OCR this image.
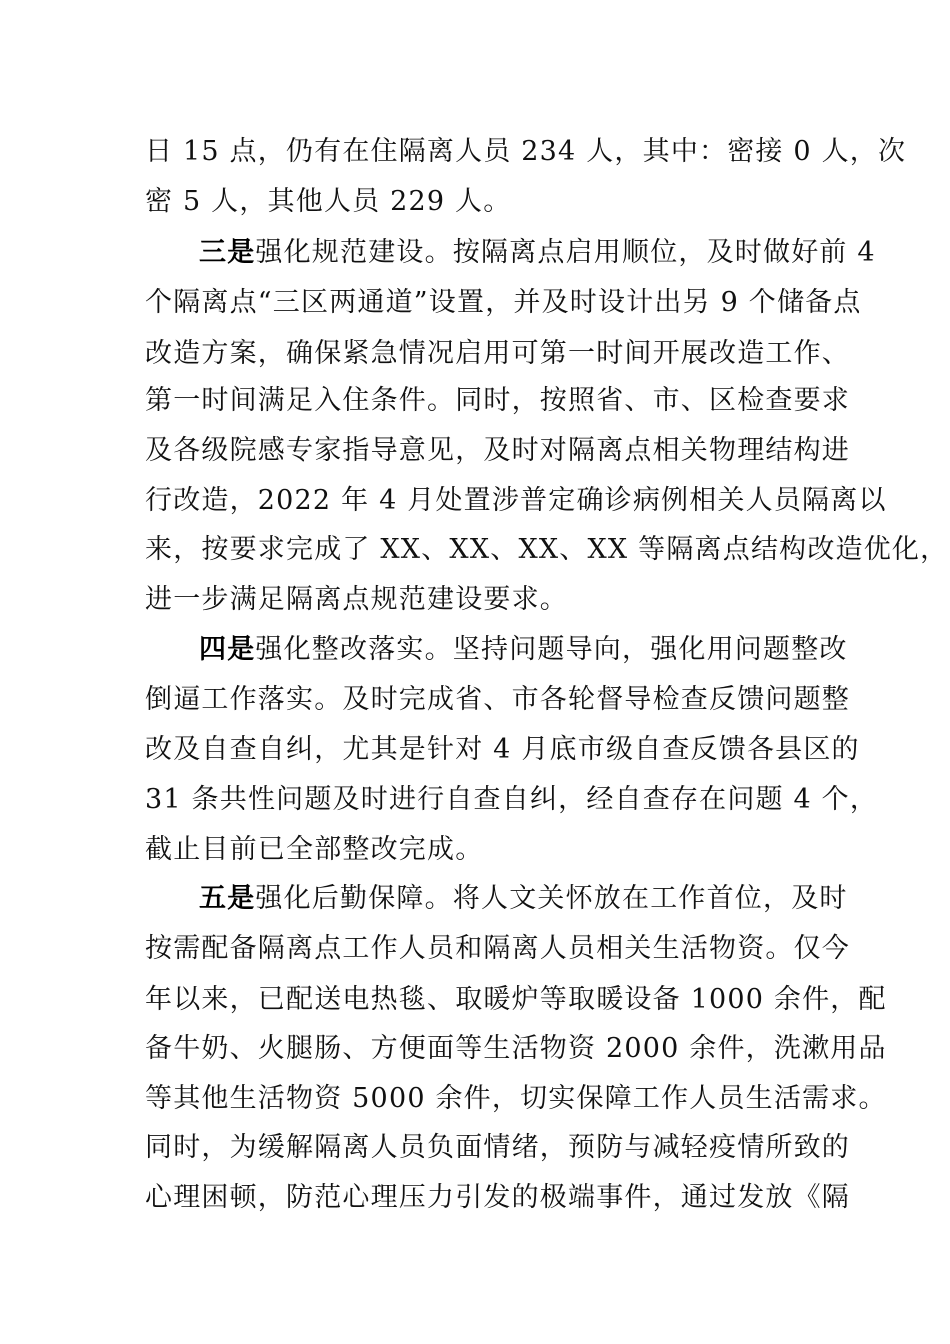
日 15 点，仍有在住隔离人员 234 人，其中：密接 0 人，次
密 5 人，其他人员 229 人。
三是强化规范建设。按隔离点启用顺位，及时做好前 4
个隔离点“三区两通道”设置，并及时设计出另 9 个储备点
改造方案，确保紧急情况启用可第一时间开展改造工作、
第一时间满足入住条件。同时，按照省、市、区检查要求
及各级院感专家指导意见，及时对隔离点相关物理结构进
行改造，2022 年 4 月处置涉普定确诊病例相关人员隔离以
来，按要求完成了 XX、XX、XX、XX 等隔离点结构改造优化，
进一步满足隔离点规范建设要求。
四是强化整改落实。坚持问题导向，强化用问题整改
倒逼工作落实。及时完成省、市各轮督导检查反馈问题整
改及自查自纠，尤其是针对 4 月底市级自查反馈各县区的
31 条共性问题及时进行自查自纠，经自查存在问题 4 个，
截止目前已全部整改完成。
五是强化后勤保障。将人文关怀放在工作首位，及时
按需配备隔离点工作人员和隔离人员相关生活物资。仅今
年以来，已配送电热毯、取暖炉等取暖设备 1000 余件，配
备牛奶、火腿肠、方便面等生活物资 2000 余件，洗漱用品
等其他生活物资 5000 余件，切实保障工作人员生活需求。
同时，为缓解隔离人员负面情绪，预防与减轻疫情所致的
心理困顿，防范心理压力引发的极端事件，通过发放《隔
